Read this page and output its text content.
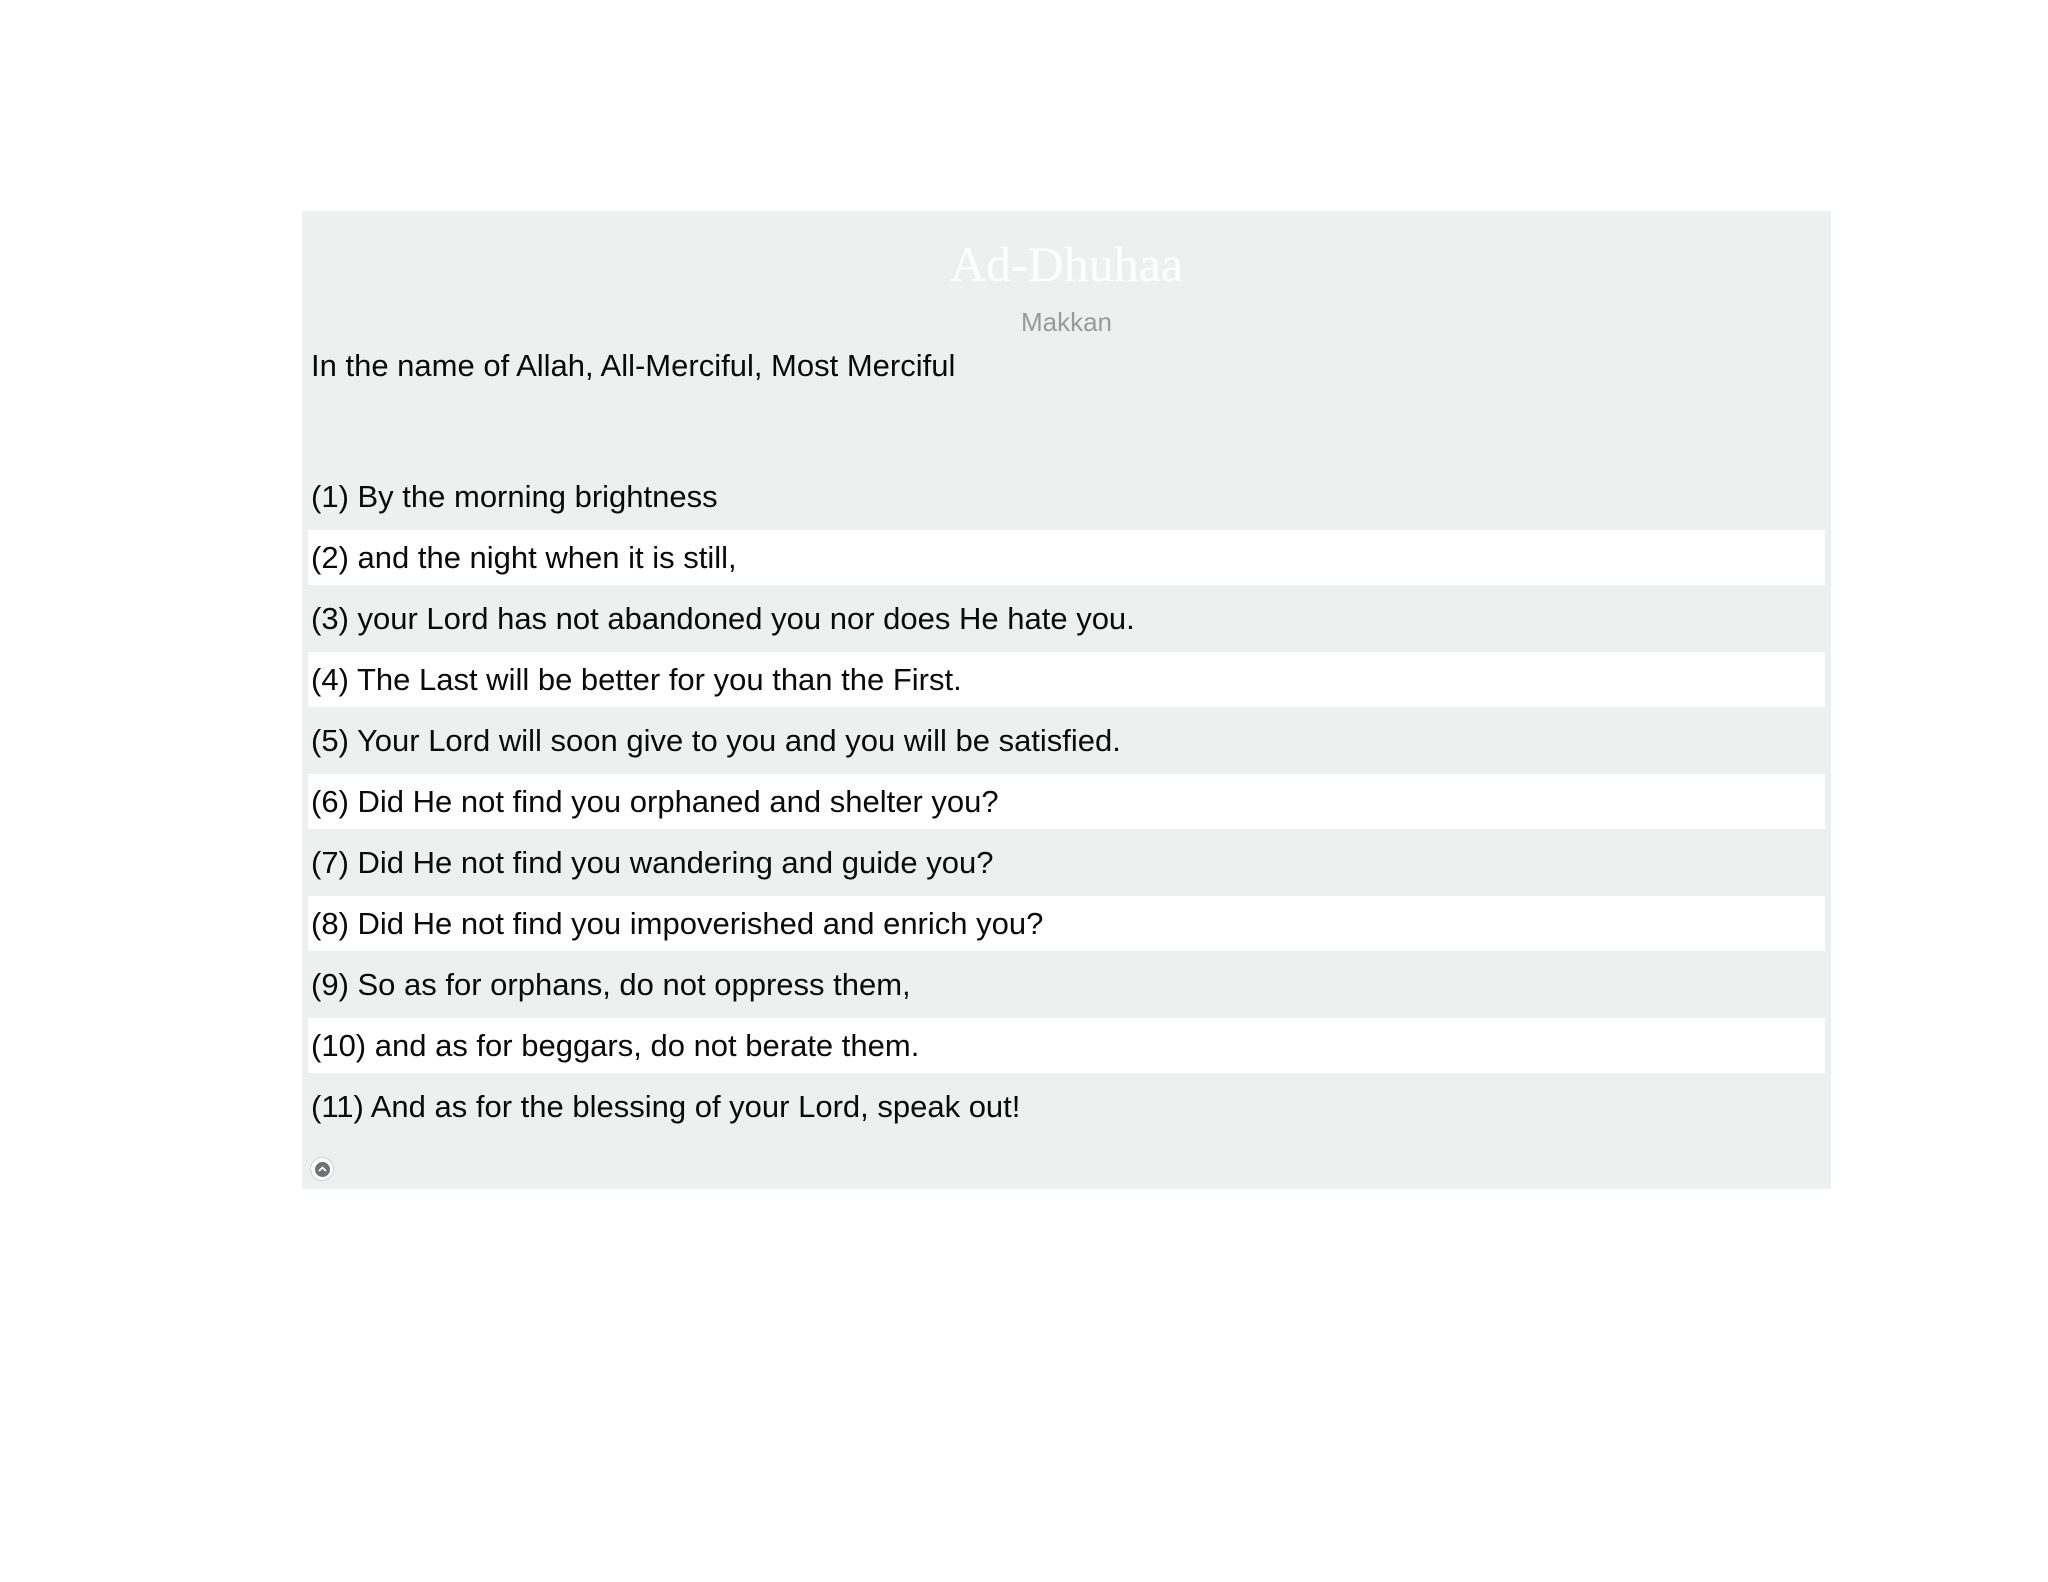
Ad-Dhuhaa
Makkan
In the name of Allah, All-Merciful, Most Merciful
(1) By the morning brightness
(2) and the night when it is still,
(3) your Lord has not abandoned you nor does He hate you.
(4) The Last will be better for you than the First.
(5) Your Lord will soon give to you and you will be satisfied.
(6) Did He not find you orphaned and shelter you?
(7) Did He not find you wandering and guide you?
(8) Did He not find you impoverished and enrich you?
(9) So as for orphans, do not oppress them,
(10) and as for beggars, do not berate them.
(11) And as for the blessing of your Lord, speak out!
